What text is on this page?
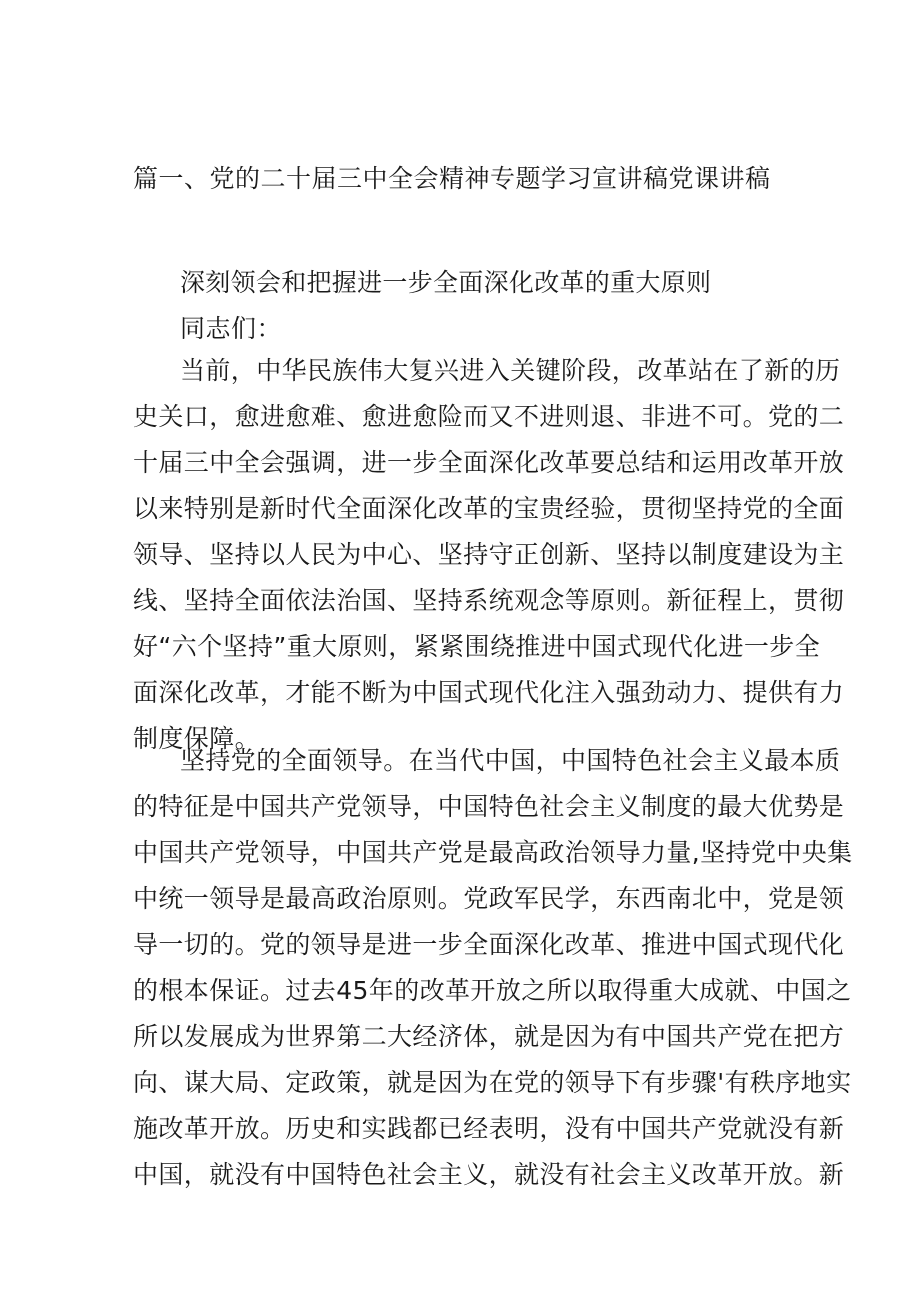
篇一、党的二十届三中全会精神专题学习宣讲稿党课讲稿

深刻领会和把握进一步全面深化改革的重大原则

同志们：

当前，中华民族伟大复兴进入关键阶段，改革站在了新的历
史关口，愈进愈难、愈进愈险而又不进则退、非进不可。党的二
十届三中全会强调，进一步全面深化改革要总结和运用改革开放
以来特别是新时代全面深化改革的宝贵经验，贯彻坚持党的全面
领导、坚持以人民为中心、坚持守正创新、坚持以制度建设为主
线、坚持全面依法治国、坚持系统观念等原则。新征程上，贯彻
好“六个坚持”重大原则，紧紧围绕推进中国式现代化进一步全
面深化改革，才能不断为中国式现代化注入强劲动力、提供有力
制度保障。
坚持党的全面领导。在当代中国，中国特色社会主义最本质
的特征是中国共产党领导，中国特色社会主义制度的最大优势是
中国共产党领导，中国共产党是最高政治领导力量,坚持党中央集
中统一领导是最高政治原则。党政军民学，东西南北中，党是领
导一切的。党的领导是进一步全面深化改革、推进中国式现代化
的根本保证。过去45年的改革开放之所以取得重大成就、中国之
所以发展成为世界第二大经济体，就是因为有中国共产党在把方
向、谋大局、定政策，就是因为在党的领导下有步骤'有秩序地实
施改革开放。历史和实践都已经表明，没有中国共产党就没有新
中国，就没有中国特色社会主义，就没有社会主义改革开放。新
